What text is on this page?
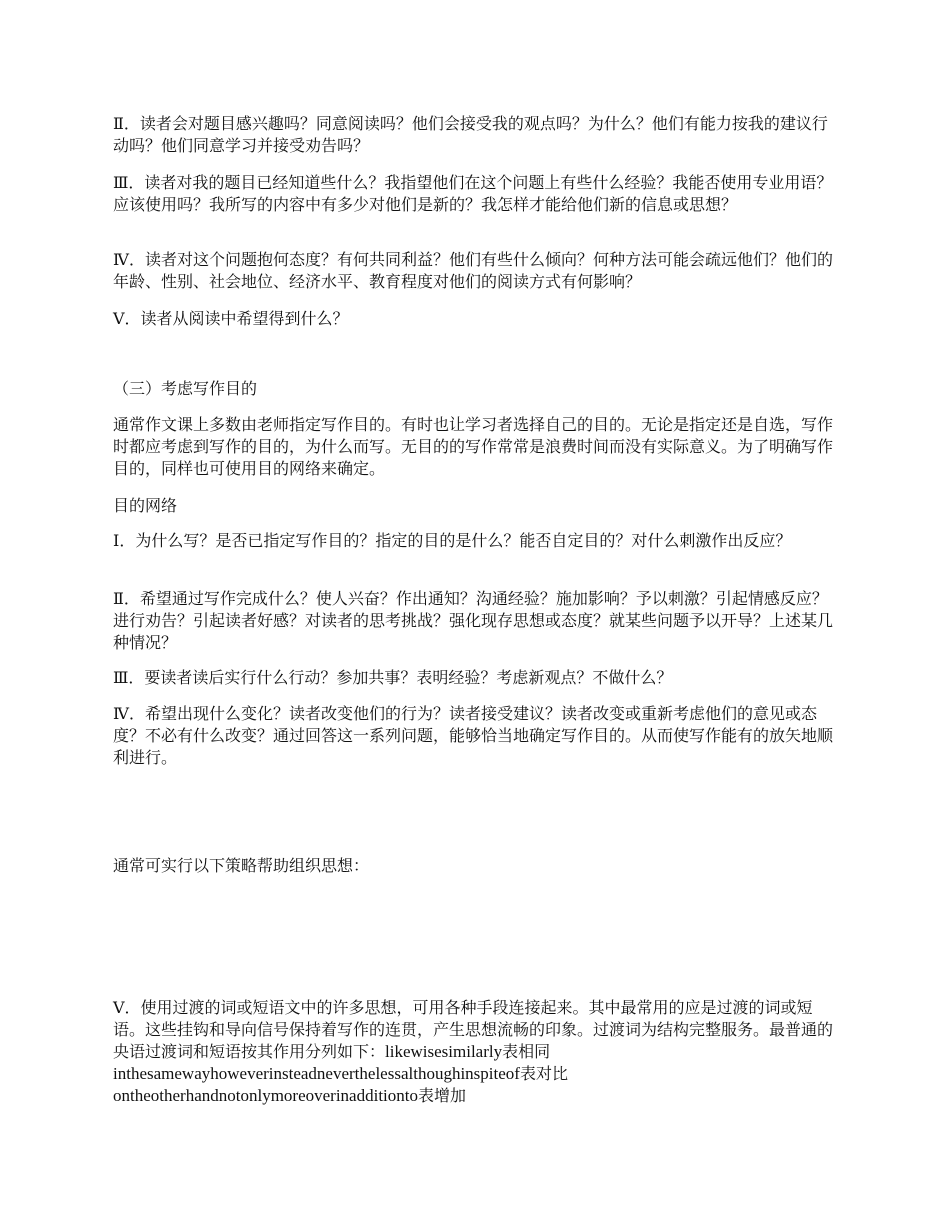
Ⅱ．读者会对题目感兴趣吗？同意阅读吗？他们会接受我的观点吗？为什么？他们有能力按我的建议行动吗？他们同意学习并接受劝告吗？

Ⅲ．读者对我的题目已经知道些什么？我指望他们在这个问题上有些什么经验？我能否使用专业用语？应该使用吗？我所写的内容中有多少对他们是新的？我怎样才能给他们新的信息或思想？

Ⅳ．读者对这个问题抱何态度？有何共同利益？他们有些什么倾向？何种方法可能会疏远他们？他们的年龄、性别、社会地位、经济水平、教育程度对他们的阅读方式有何影响？

Ⅴ．读者从阅读中希望得到什么？

（三）考虑写作目的

通常作文课上多数由老师指定写作目的。有时也让学习者选择自己的目的。无论是指定还是自选，写作时都应考虑到写作的目的，为什么而写。无目的的写作常常是浪费时间而没有实际意义。为了明确写作目的，同样也可使用目的网络来确定。

目的网络

I．为什么写？是否已指定写作目的？指定的目的是什么？能否自定目的？对什么刺激作出反应？

Ⅱ．希望通过写作完成什么？使人兴奋？作出通知？沟通经验？施加影响？予以刺激？引起情感反应？进行劝告？引起读者好感？对读者的思考挑战？强化现存思想或态度？就某些问题予以开导？上述某几种情况？

Ⅲ．要读者读后实行什么行动？参加共事？表明经验？考虑新观点？不做什么？

Ⅳ．希望出现什么变化？读者改变他们的行为？读者接受建议？读者改变或重新考虑他们的意见或态度？不必有什么改变？通过回答这一系列问题，能够恰当地确定写作目的。从而使写作能有的放矢地顺利进行。

通常可实行以下策略帮助组织思想：

Ⅴ．使用过渡的词或短语文中的许多思想，可用各种手段连接起来。其中最常用的应是过渡的词或短语。这些挂钩和导向信号保持着写作的连贯，产生思想流畅的印象。过渡词为结构完整服务。最普通的央语过渡词和短语按其作用分列如下：likewisesimilarly表相同
inthesamewayhoweverinsteadneverthelessalthoughinspiteof表对比
ontheotherhandnotonlymoreoverinadditionto表增加
